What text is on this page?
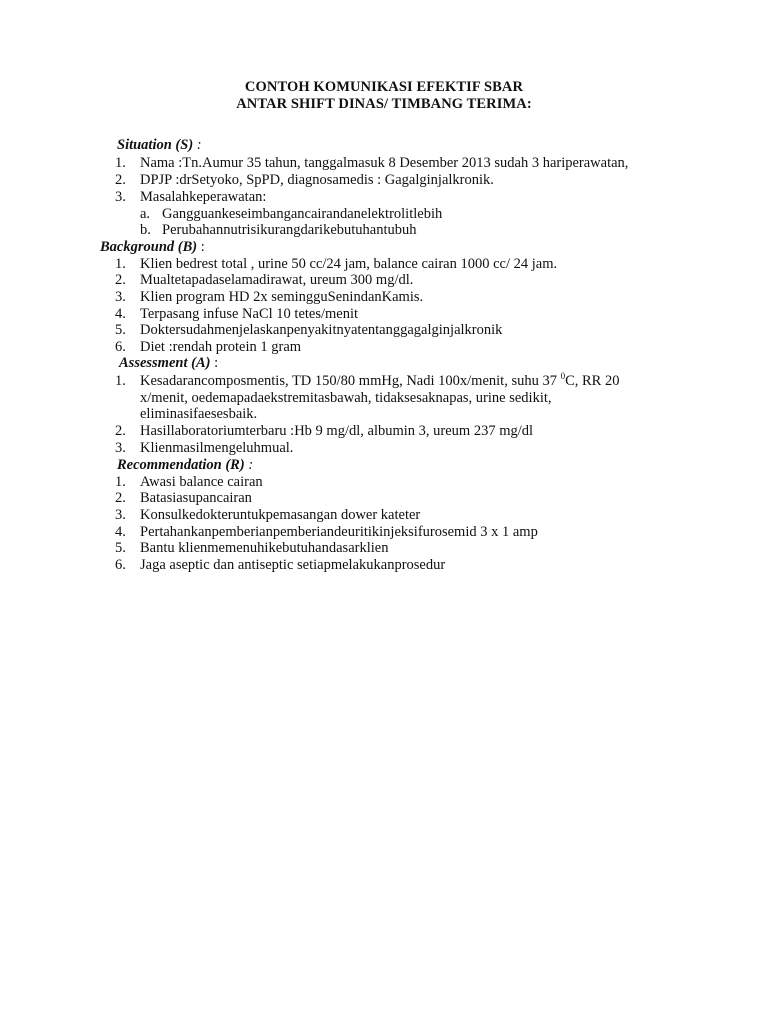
CONTOH KOMUNIKASI EFEKTIF SBAR
ANTAR SHIFT DINAS/ TIMBANG TERIMA:
Situation (S) :
1. Nama :Tn.Aumur 35 tahun, tanggalmasuk 8 Desember 2013 sudah 3 hariperawatan,
2. DPJP :drSetyoko, SpPD, diagnosamedis : Gagalginjalkronik.
3. Masalahkeperawatan:
a. Gangguankeseimbangancairandanelektrolitlebih
b. Perubahannutrisikurangdarikebutuhantubuh
Background (B) :
1. Klien bedrest total , urine 50 cc/24 jam, balance cairan 1000 cc/ 24 jam.
2. Mualtetapadaselamadirawat, ureum 300 mg/dl.
3. Klien program HD 2x semingguSenindanKamis.
4. Terpasang infuse NaCl 10 tetes/menit
5. Doktersudahmenjelaskanpenyakitnyatentanggagalginjalkronik
6. Diet :rendah protein 1 gram
Assessment (A) :
1. Kesadarancomposmentis, TD 150/80 mmHg, Nadi 100x/menit, suhu 37 $^0$C, RR 20
x/menit, oedemapadaekstremitasbawah, tidaksesaknapas, urine sedikit,
eliminasifaesesbaik.
2. Hasillaboratoriumterbaru :Hb 9 mg/dl, albumin 3, ureum 237 mg/dl
3. Klienmasilmengeluhmual.
Recommendation (R) :
1. Awasi balance cairan
2. Batasiasupancairan
3. Konsulkedokteruntukpemasangan dower kateter
4. Pertahankanpemberianpemberiandeuritikinjeksifurosemid 3 x 1 amp
5. Bantu klienmemenuhikebutuhandasarklien
6. Jaga aseptic dan antiseptic setiapmelakukanprosedur
